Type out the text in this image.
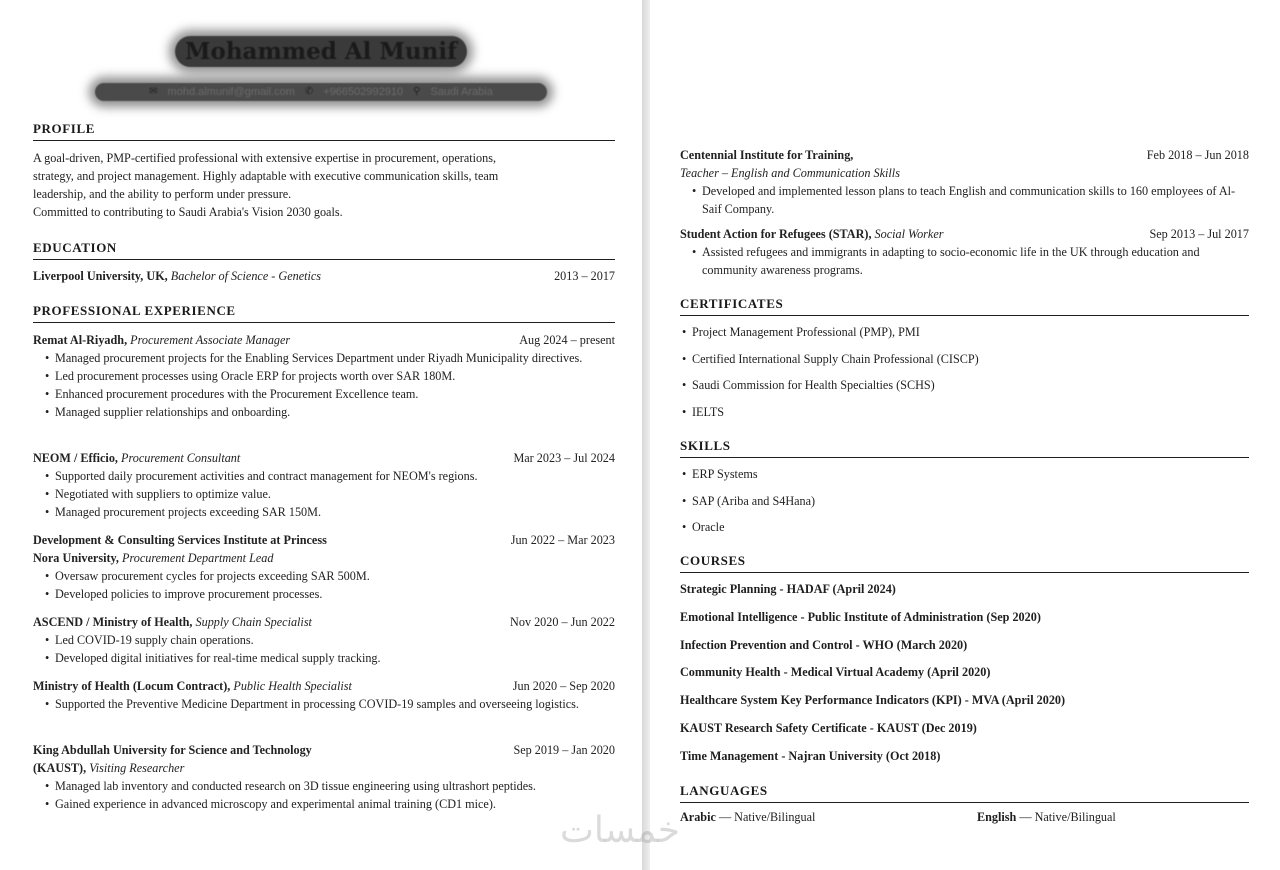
Mohammed Al Munif
✉ mohd.almunif@gmail.com ✆ +966502992910 ⚲ Saudi Arabia
PROFILE
A goal-driven, PMP-certified professional with extensive expertise in procurement, operations,
strategy, and project management. Highly adaptable with executive communication skills, team
leadership, and the ability to perform under pressure.
Committed to contributing to Saudi Arabia's Vision 2030 goals.
EDUCATION
Liverpool University, UK, Bachelor of Science - Genetics	2013 – 2017
PROFESSIONAL EXPERIENCE
Remat Al-Riyadh, Procurement Associate Manager	Aug 2024 – present
• Managed procurement projects for the Enabling Services Department under Riyadh Municipality directives.
• Led procurement processes using Oracle ERP for projects worth over SAR 180M.
• Enhanced procurement procedures with the Procurement Excellence team.
• Managed supplier relationships and onboarding.
NEOM / Efficio, Procurement Consultant	Mar 2023 – Jul 2024
• Supported daily procurement activities and contract management for NEOM's regions.
• Negotiated with suppliers to optimize value.
• Managed procurement projects exceeding SAR 150M.
Development & Consulting Services Institute at Princess	Jun 2022 – Mar 2023
Nora University, Procurement Department Lead
• Oversaw procurement cycles for projects exceeding SAR 500M.
• Developed policies to improve procurement processes.
ASCEND / Ministry of Health, Supply Chain Specialist	Nov 2020 – Jun 2022
• Led COVID-19 supply chain operations.
• Developed digital initiatives for real-time medical supply tracking.
Ministry of Health (Locum Contract), Public Health Specialist	Jun 2020 – Sep 2020
• Supported the Preventive Medicine Department in processing COVID-19 samples and overseeing logistics.
King Abdullah University for Science and Technology	Sep 2019 – Jan 2020
(KAUST), Visiting Researcher
• Managed lab inventory and conducted research on 3D tissue engineering using ultrashort peptides.
• Gained experience in advanced microscopy and experimental animal training (CD1 mice).
Centennial Institute for Training,	Feb 2018 – Jun 2018
Teacher – English and Communication Skills
• Developed and implemented lesson plans to teach English and communication skills to 160 employees of Al-Saif Company.
Student Action for Refugees (STAR), Social Worker	Sep 2013 – Jul 2017
• Assisted refugees and immigrants in adapting to socio-economic life in the UK through education and community awareness programs.
CERTIFICATES
• Project Management Professional (PMP), PMI
• Certified International Supply Chain Professional (CISCP)
• Saudi Commission for Health Specialties (SCHS)
• IELTS
SKILLS
• ERP Systems
• SAP (Ariba and S4Hana)
• Oracle
COURSES
Strategic Planning - HADAF (April 2024)
Emotional Intelligence - Public Institute of Administration (Sep 2020)
Infection Prevention and Control - WHO (March 2020)
Community Health - Medical Virtual Academy (April 2020)
Healthcare System Key Performance Indicators (KPI) - MVA (April 2020)
KAUST Research Safety Certificate - KAUST (Dec 2019)
Time Management - Najran University (Oct 2018)
LANGUAGES
Arabic — Native/Bilingual	English — Native/Bilingual
خمسات
